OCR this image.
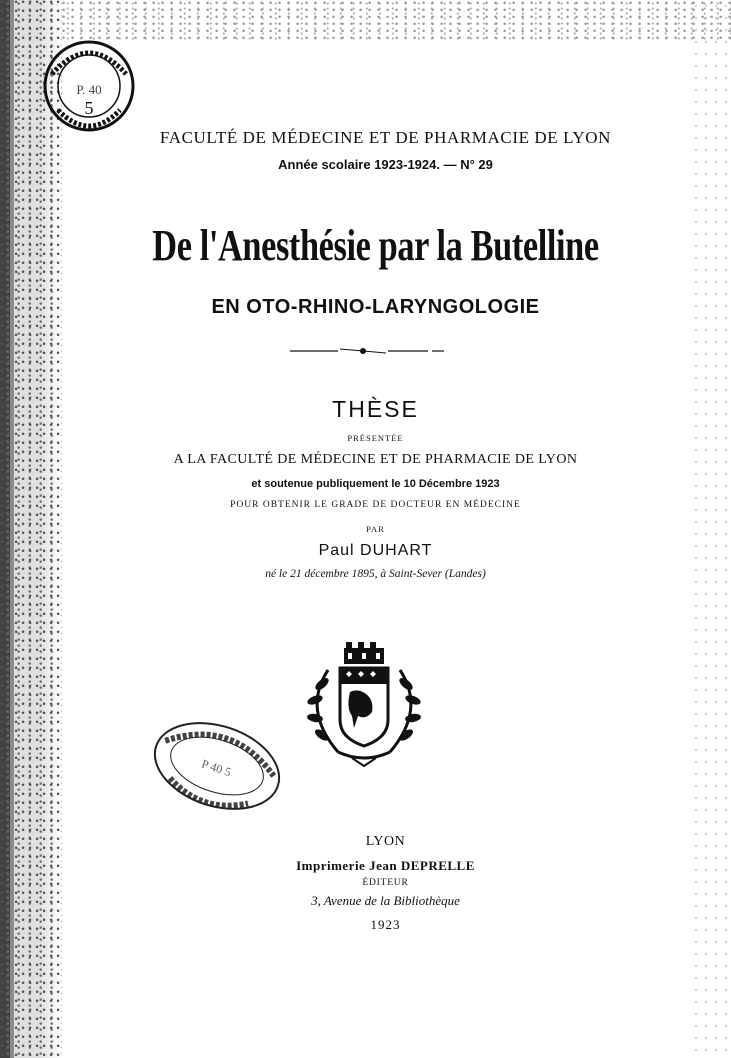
P. 40
5
FACULTÉ DE MÉDECINE ET DE PHARMACIE DE LYON
Année scolaire 1923-1924. — N° 29
De l'Anesthésie par la Butelline
EN OTO-RHINO-LARYNGOLOGIE
THÈSE
PRÉSENTÉE
A LA FACULTÉ DE MÉDECINE ET DE PHARMACIE DE LYON
et soutenue publiquement le 10 Décembre 1923
POUR OBTENIR LE GRADE DE DOCTEUR EN MÉDECINE
PAR
Paul DUHART
né le 21 décembre 1895, à Saint-Sever (Landes)
P 40 5
LYON
Imprimerie Jean DEPRELLE
ÉDITEUR
3, Avenue de la Bibliothèque
1923
